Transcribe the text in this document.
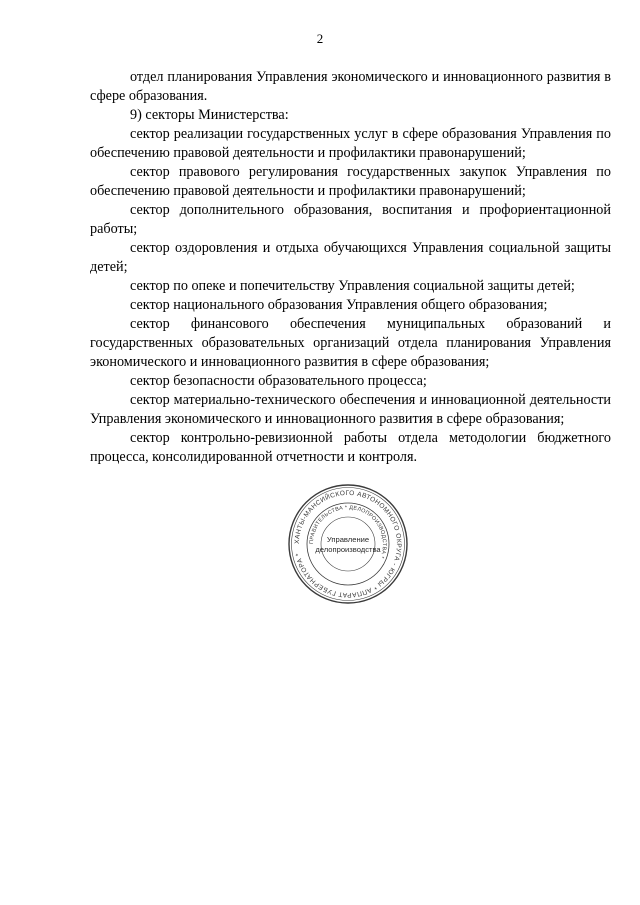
2

отдел планирования Управления экономического и инновационного развития в сфере образования.

9) секторы Министерства:

сектор реализации государственных услуг в сфере образования Управления по обеспечению правовой деятельности и профилактики правонарушений;

сектор правового регулирования государственных закупок Управления по обеспечению правовой деятельности и профилактики правонарушений;

сектор дополнительного образования, воспитания и профориентационной работы;

сектор оздоровления и отдыха обучающихся Управления социальной защиты детей;

сектор по опеке и попечительству Управления социальной защиты детей;

сектор национального образования Управления общего образования;

сектор финансового обеспечения муниципальных образований и государственных образовательных организаций отдела планирования Управления экономического и инновационного развития в сфере образования;

сектор безопасности образовательного процесса;

сектор материально-технического обеспечения и инновационной деятельности Управления экономического и инновационного развития в сфере образования;

сектор контрольно-ревизионной работы отдела методологии бюджетного процесса, консолидированной отчетности и контроля.

ХАНТЫ-МАНСИЙСКОГО АВТОНОМНОГО ОКРУГА - ЮГРЫ * АППАРАТ ГУБЕРНАТОРА *
ПРАВИТЕЛЬСТВА * ДЕЛОПРОИЗВОДСТВА *
Управление
делопроизводства
